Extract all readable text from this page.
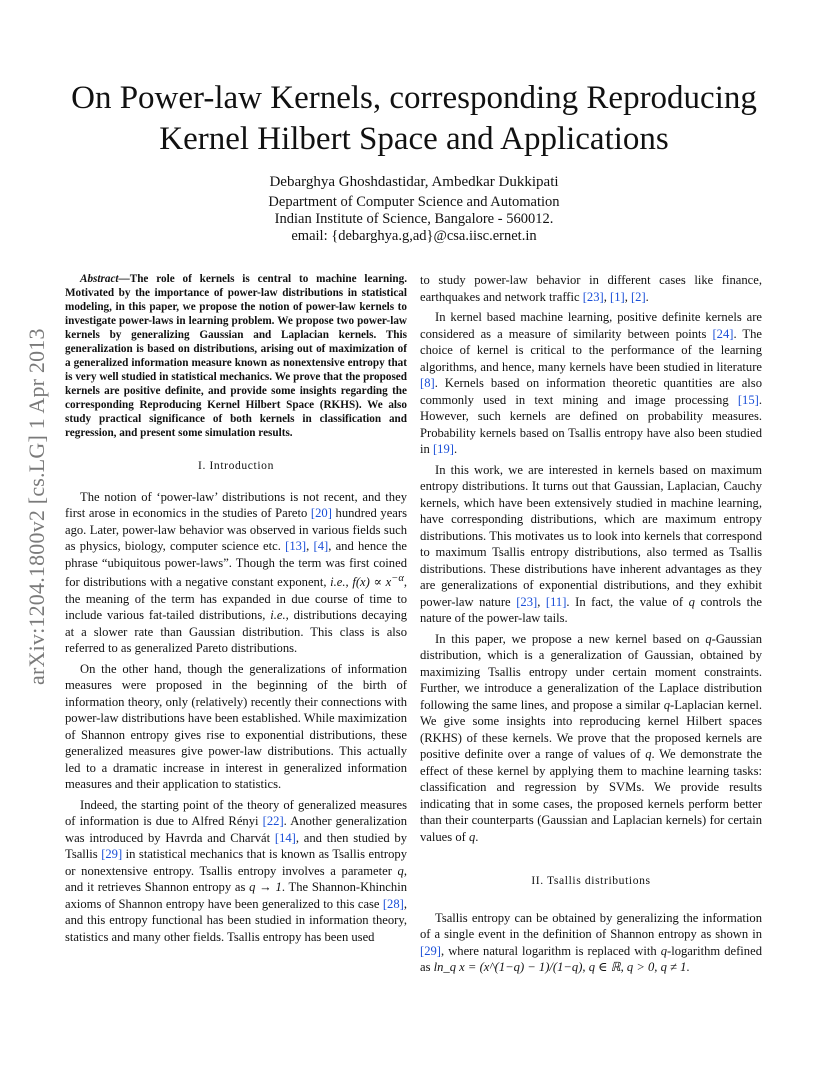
arXiv:1204.1800v2 [cs.LG] 1 Apr 2013
On Power-law Kernels, corresponding Reproducing
Kernel Hilbert Space and Applications
Debarghya Ghoshdastidar, Ambedkar Dukkipati
Department of Computer Science and Automation
Indian Institute of Science, Bangalore - 560012.
email: {debarghya.g,ad}@csa.iisc.ernet.in

Abstract—The role of kernels is central to machine learning. Motivated by the importance of power-law distributions in statistical modeling, in this paper, we propose the notion of power-law kernels to investigate power-laws in learning problem. We propose two power-law kernels by generalizing Gaussian and Laplacian kernels. This generalization is based on distributions, arising out of maximization of a generalized information measure known as nonextensive entropy that is very well studied in statistical mechanics. We prove that the proposed kernels are positive definite, and provide some insights regarding the corresponding Reproducing Kernel Hilbert Space (RKHS). We also study practical significance of both kernels in classification and regression, and present some simulation results.

I. Introduction

The notion of ‘power-law’ distributions is not recent, and they first arose in economics in the studies of Pareto [20] hundred years ago. Later, power-law behavior was observed in various fields such as physics, biology, computer science etc. [13], [4], and hence the phrase “ubiquitous power-laws”. Though the term was first coined for distributions with a negative constant exponent, i.e., $f(x) \propto x^{-\alpha}$, the meaning of the term has expanded in due course of time to include various fat-tailed distributions, i.e., distributions decaying at a slower rate than Gaussian distribution. This class is also referred to as generalized Pareto distributions.

On the other hand, though the generalizations of information measures were proposed in the beginning of the birth of information theory, only (relatively) recently their connections with power-law distributions have been established. While maximization of Shannon entropy gives rise to exponential distributions, these generalized measures give power-law distributions. This actually led to a dramatic increase in interest in generalized information measures and their application to statistics.

Indeed, the starting point of the theory of generalized measures of information is due to Alfred Rényi [22]. Another generalization was introduced by Havrda and Charvát [14], and then studied by Tsallis [29] in statistical mechanics that is known as Tsallis entropy or nonextensive entropy. Tsallis entropy involves a parameter q, and it retrieves Shannon entropy as q → 1. The Shannon-Khinchin axioms of Shannon entropy have been generalized to this case [28], and this entropy functional has been studied in information theory, statistics and many other fields. Tsallis entropy has been used

to study power-law behavior in different cases like finance, earthquakes and network traffic [23], [1], [2].

In kernel based machine learning, positive definite kernels are considered as a measure of similarity between points [24]. The choice of kernel is critical to the performance of the learning algorithms, and hence, many kernels have been studied in literature [8]. Kernels based on information theoretic quantities are also commonly used in text mining and image processing [15]. However, such kernels are defined on probability measures. Probability kernels based on Tsallis entropy have also been studied in [19].

In this work, we are interested in kernels based on maximum entropy distributions. It turns out that Gaussian, Laplacian, Cauchy kernels, which have been extensively studied in machine learning, have corresponding distributions, which are maximum entropy distributions. This motivates us to look into kernels that correspond to maximum Tsallis entropy distributions, also termed as Tsallis distributions. These distributions have inherent advantages as they are generalizations of exponential distributions, and they exhibit power-law nature [23], [11]. In fact, the value of q controls the nature of the power-law tails.

In this paper, we propose a new kernel based on q-Gaussian distribution, which is a generalization of Gaussian, obtained by maximizing Tsallis entropy under certain moment constraints. Further, we introduce a generalization of the Laplace distribution following the same lines, and propose a similar q-Laplacian kernel. We give some insights into reproducing kernel Hilbert spaces (RKHS) of these kernels. We prove that the proposed kernels are positive definite over a range of values of q. We demonstrate the effect of these kernel by applying them to machine learning tasks: classification and regression by SVMs. We provide results indicating that in some cases, the proposed kernels perform better than their counterparts (Gaussian and Laplacian kernels) for certain values of q.

II. Tsallis distributions

Tsallis entropy can be obtained by generalizing the information of a single event in the definition of Shannon entropy as shown in [29], where natural logarithm is replaced with q-logarithm defined as ln_q x = (x^(1−q) − 1)/(1−q), q ∈ ℝ, q > 0, q ≠ 1.
